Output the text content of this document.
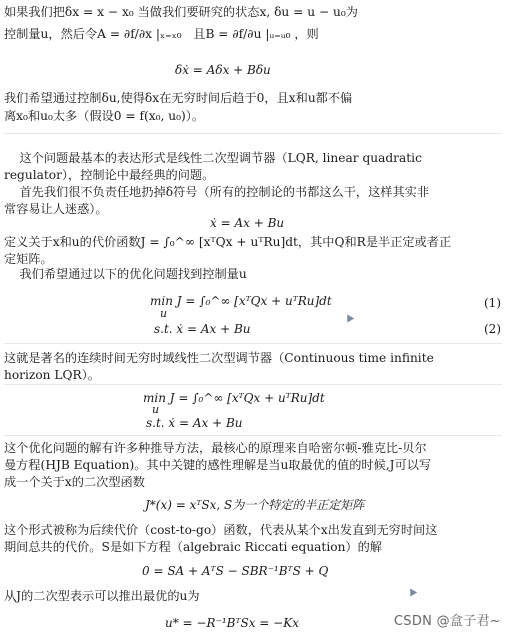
如果我们把δx = x − x₀ 当做我们要研究的状态x, δu = u − u₀为
控制量u，然后令A = ∂f/∂x |ₓ₌ₓ₀   且B = ∂f/∂u |ᵤ₌ᵤ₀ ，则
δẋ = Aδx + Bδu
我们希望通过控制δu,使得δx在无穷时间后趋于0，且x和u都不偏
离x₀和u₀太多（假设0 = f(x₀, u₀)）。
这个问题最基本的表达形式是线性二次型调节器（LQR, linear quadratic
regulator），控制论中最经典的问题。
首先我们很不负责任地扔掉δ符号（所有的控制论的书都这么干，这样其实非
常容易让人迷惑）。
ẋ = Ax + Bu
定义关于x和u的代价函数J = ∫₀^∞ [xᵀQx + uᵀRu]dt，其中Q和R是半正定或者正
定矩阵。
我们希望通过以下的优化问题找到控制量u
min J = ∫₀^∞ [xᵀQx + uᵀRu]dt
u
(1)
s.t. ẋ = Ax + Bu	(2)
这就是著名的连续时间无穷时域线性二次型调节器（Continuous time infinite
horizon LQR）。
min J = ∫₀^∞ [xᵀQx + uᵀRu]dt
u
s.t. ẋ = Ax + Bu
这个优化问题的解有许多种推导方法，最核心的原理来自哈密尔顿-雅克比-贝尔
曼方程(HJB Equation)。其中关键的感性理解是当u取最优的值的时候,J可以写
成一个关于x的二次型函数
J*(x) = xᵀSx, S为一个特定的半正定矩阵
这个形式被称为后续代价（cost-to-go）函数，代表从某个x出发直到无穷时间这
期间总共的代价。S是如下方程（algebraic Riccati equation）的解
0 = SA + AᵀS − SBR⁻¹BᵀS + Q
从J的二次型表示可以推出最优的u为
u* = −R⁻¹BᵀSx = −Kx	CSDN @盒子君~
